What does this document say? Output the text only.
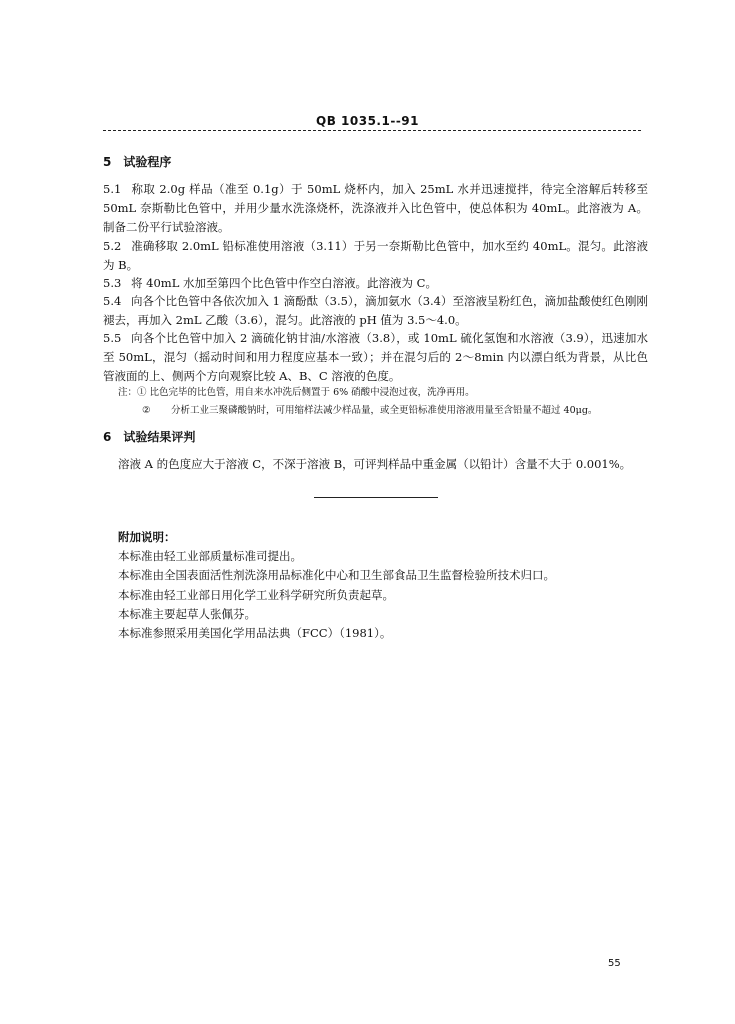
QB 1035.1--91
5　试验程序
5.1 称取 2.0g 样品（准至 0.1g）于 50mL 烧杯内，加入 25mL 水并迅速搅拌，待完全溶解后转移至 50mL 奈斯勒比色管中，并用少量水洗涤烧杯，洗涤液并入比色管中，使总体积为 40mL。此溶液为 A。制备二份平行试验溶液。
5.2 准确移取 2.0mL 铅标准使用溶液（3.11）于另一奈斯勒比色管中，加水至约 40mL。混匀。此溶液为 B。
5.3 将 40mL 水加至第四个比色管中作空白溶液。此溶液为 C。
5.4 向各个比色管中各依次加入 1 滴酚酞（3.5），滴加氨水（3.4）至溶液呈粉红色，滴加盐酸使红色刚刚褪去，再加入 2mL 乙酸（3.6），混匀。此溶液的 pH 值为 3.5～4.0。
5.5 向各个比色管中加入 2 滴硫化钠甘油/水溶液（3.8），或 10mL 硫化氢饱和水溶液（3.9），迅速加水至 50mL，混匀（摇动时间和用力程度应基本一致）；并在混匀后的 2～8min 内以漂白纸为背景，从比色管液面的上、侧两个方向观察比较 A、B、C 溶液的色度。
注：① 比色完毕的比色管，用自来水冲洗后侧置于 6% 硝酸中浸泡过夜，洗净再用。
② 分析工业三聚磷酸钠时，可用缩样法减少样品量，或全更铅标准使用溶液用量至含铅量不超过 40μg。
6　试验结果评判
溶液 A 的色度应大于溶液 C，不深于溶液 B，可评判样品中重金属（以铅计）含量不大于 0.001%。
附加说明：
本标准由轻工业部质量标准司提出。
本标准由全国表面活性剂洗涤用品标准化中心和卫生部食品卫生监督检验所技术归口。
本标准由轻工业部日用化学工业科学研究所负责起草。
本标准主要起草人张佩芬。
本标准参照采用美国化学用品法典（FCC）（1981）。
55
